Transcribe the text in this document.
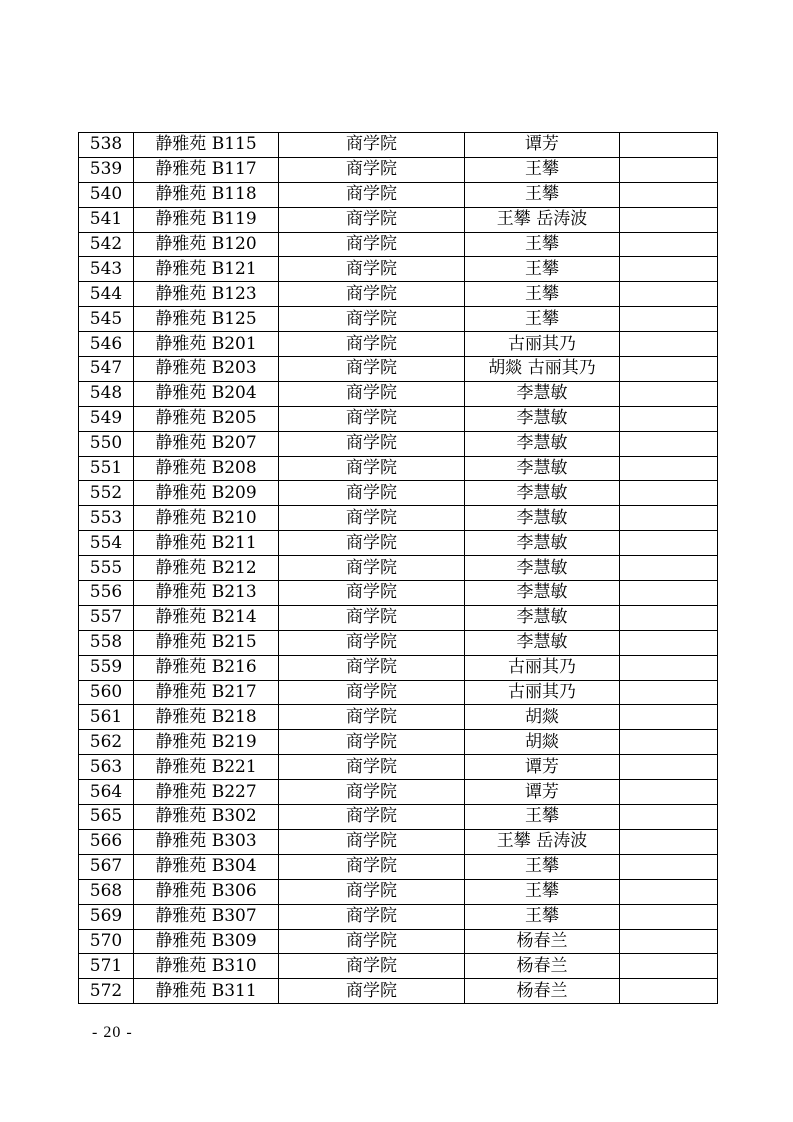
538	静雅苑 B115	商学院	谭芳	
539	静雅苑 B117	商学院	王攀	
540	静雅苑 B118	商学院	王攀	
541	静雅苑 B119	商学院	王攀 岳涛波	
542	静雅苑 B120	商学院	王攀	
543	静雅苑 B121	商学院	王攀	
544	静雅苑 B123	商学院	王攀	
545	静雅苑 B125	商学院	王攀	
546	静雅苑 B201	商学院	古丽其乃	
547	静雅苑 B203	商学院	胡燚 古丽其乃	
548	静雅苑 B204	商学院	李慧敏	
549	静雅苑 B205	商学院	李慧敏	
550	静雅苑 B207	商学院	李慧敏	
551	静雅苑 B208	商学院	李慧敏	
552	静雅苑 B209	商学院	李慧敏	
553	静雅苑 B210	商学院	李慧敏	
554	静雅苑 B211	商学院	李慧敏	
555	静雅苑 B212	商学院	李慧敏	
556	静雅苑 B213	商学院	李慧敏	
557	静雅苑 B214	商学院	李慧敏	
558	静雅苑 B215	商学院	李慧敏	
559	静雅苑 B216	商学院	古丽其乃	
560	静雅苑 B217	商学院	古丽其乃	
561	静雅苑 B218	商学院	胡燚	
562	静雅苑 B219	商学院	胡燚	
563	静雅苑 B221	商学院	谭芳	
564	静雅苑 B227	商学院	谭芳	
565	静雅苑 B302	商学院	王攀	
566	静雅苑 B303	商学院	王攀 岳涛波	
567	静雅苑 B304	商学院	王攀	
568	静雅苑 B306	商学院	王攀	
569	静雅苑 B307	商学院	王攀	
570	静雅苑 B309	商学院	杨春兰	
571	静雅苑 B310	商学院	杨春兰	
572	静雅苑 B311	商学院	杨春兰	
- 20 -
